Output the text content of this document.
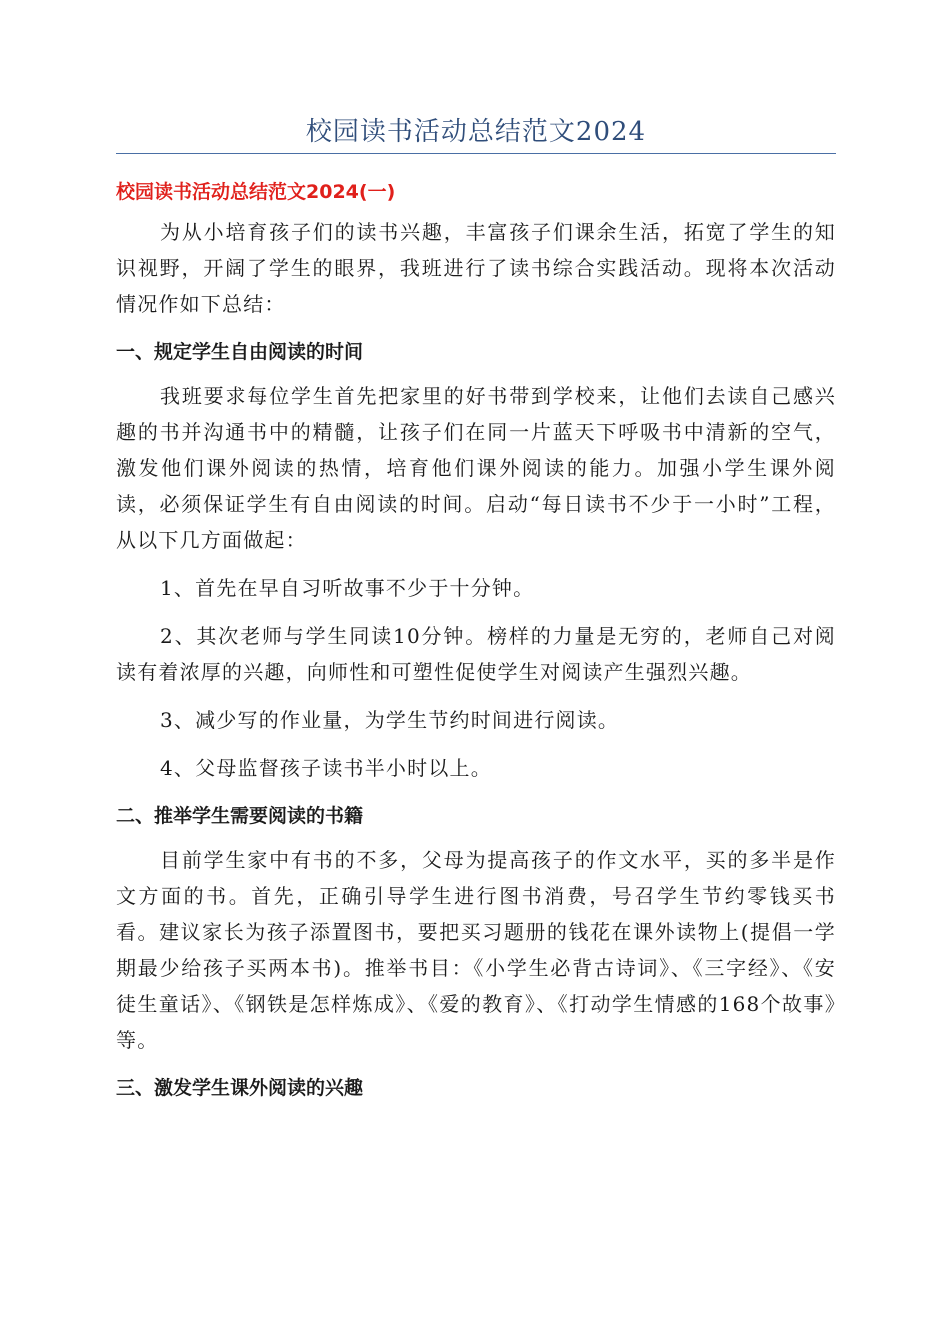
校园读书活动总结范文2024
校园读书活动总结范文2024(一)

为从小培育孩子们的读书兴趣，丰富孩子们课余生活，拓宽了学生的知识视野，开阔了学生的眼界，我班进行了读书综合实践活动。现将本次活动情况作如下总结：

一、规定学生自由阅读的时间

我班要求每位学生首先把家里的好书带到学校来，让他们去读自己感兴趣的书并沟通书中的精髓，让孩子们在同一片蓝天下呼吸书中清新的空气，激发他们课外阅读的热情，培育他们课外阅读的能力。加强小学生课外阅读，必须保证学生有自由阅读的时间。启动“每日读书不少于一小时”工程，从以下几方面做起：

1、首先在早自习听故事不少于十分钟。

2、其次老师与学生同读10分钟。榜样的力量是无穷的，老师自己对阅读有着浓厚的兴趣，向师性和可塑性促使学生对阅读产生强烈兴趣。

3、减少写的作业量，为学生节约时间进行阅读。

4、父母监督孩子读书半小时以上。

二、推举学生需要阅读的书籍

目前学生家中有书的不多，父母为提高孩子的作文水平，买的多半是作文方面的书。首先，正确引导学生进行图书消费，号召学生节约零钱买书看。建议家长为孩子添置图书，要把买习题册的钱花在课外读物上(提倡一学期最少给孩子买两本书)。推举书目：《小学生必背古诗词》、《三字经》、《安徒生童话》、《钢铁是怎样炼成》、《爱的教育》、《打动学生情感的168个故事》等。

三、激发学生课外阅读的兴趣
